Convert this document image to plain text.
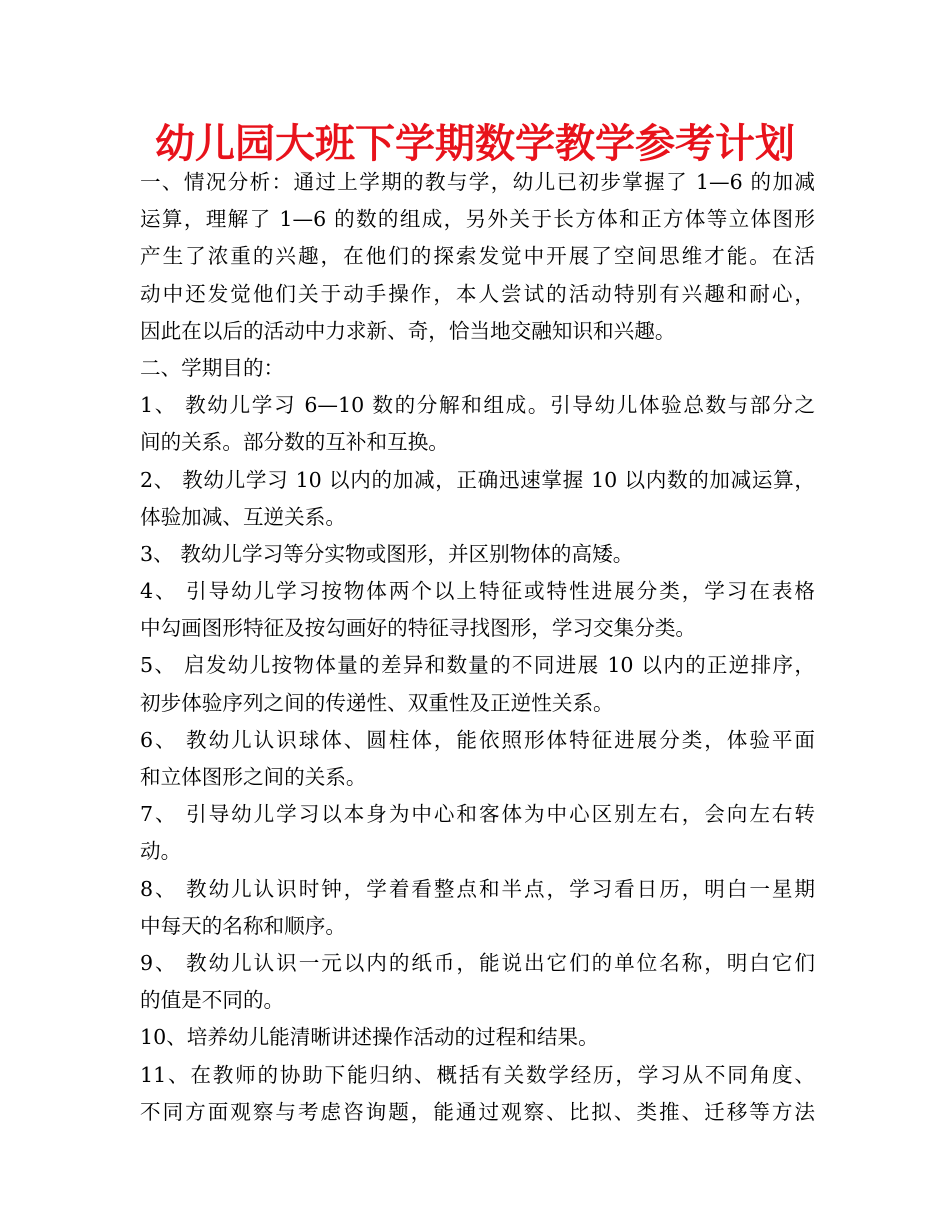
幼儿园大班下学期数学教学参考计划
一、情况分析：通过上学期的教与学，幼儿已初步掌握了 1—6 的加减
运算，理解了 1—6 的数的组成，另外关于长方体和正方体等立体图形
产生了浓重的兴趣，在他们的探索发觉中开展了空间思维才能。在活
动中还发觉他们关于动手操作，本人尝试的活动特别有兴趣和耐心，
因此在以后的活动中力求新、奇，恰当地交融知识和兴趣。
二、学期目的：
1、 教幼儿学习 6—10 数的分解和组成。引导幼儿体验总数与部分之
间的关系。部分数的互补和互换。
2、 教幼儿学习 10 以内的加减，正确迅速掌握 10 以内数的加减运算，
体验加减、互逆关系。
3、 教幼儿学习等分实物或图形，并区别物体的高矮。
4、 引导幼儿学习按物体两个以上特征或特性进展分类，学习在表格
中勾画图形特征及按勾画好的特征寻找图形，学习交集分类。
5、 启发幼儿按物体量的差异和数量的不同进展 10 以内的正逆排序，
初步体验序列之间的传递性、双重性及正逆性关系。
6、 教幼儿认识球体、圆柱体，能依照形体特征进展分类，体验平面
和立体图形之间的关系。
7、 引导幼儿学习以本身为中心和客体为中心区别左右，会向左右转
动。
8、 教幼儿认识时钟，学着看整点和半点，学习看日历，明白一星期
中每天的名称和顺序。
9、 教幼儿认识一元以内的纸币，能说出它们的单位名称，明白它们
的值是不同的。
10、培养幼儿能清晰讲述操作活动的过程和结果。
11、在教师的协助下能归纳、概括有关数学经历，学习从不同角度、
不同方面观察与考虑咨询题，能通过观察、比拟、类推、迁移等方法
